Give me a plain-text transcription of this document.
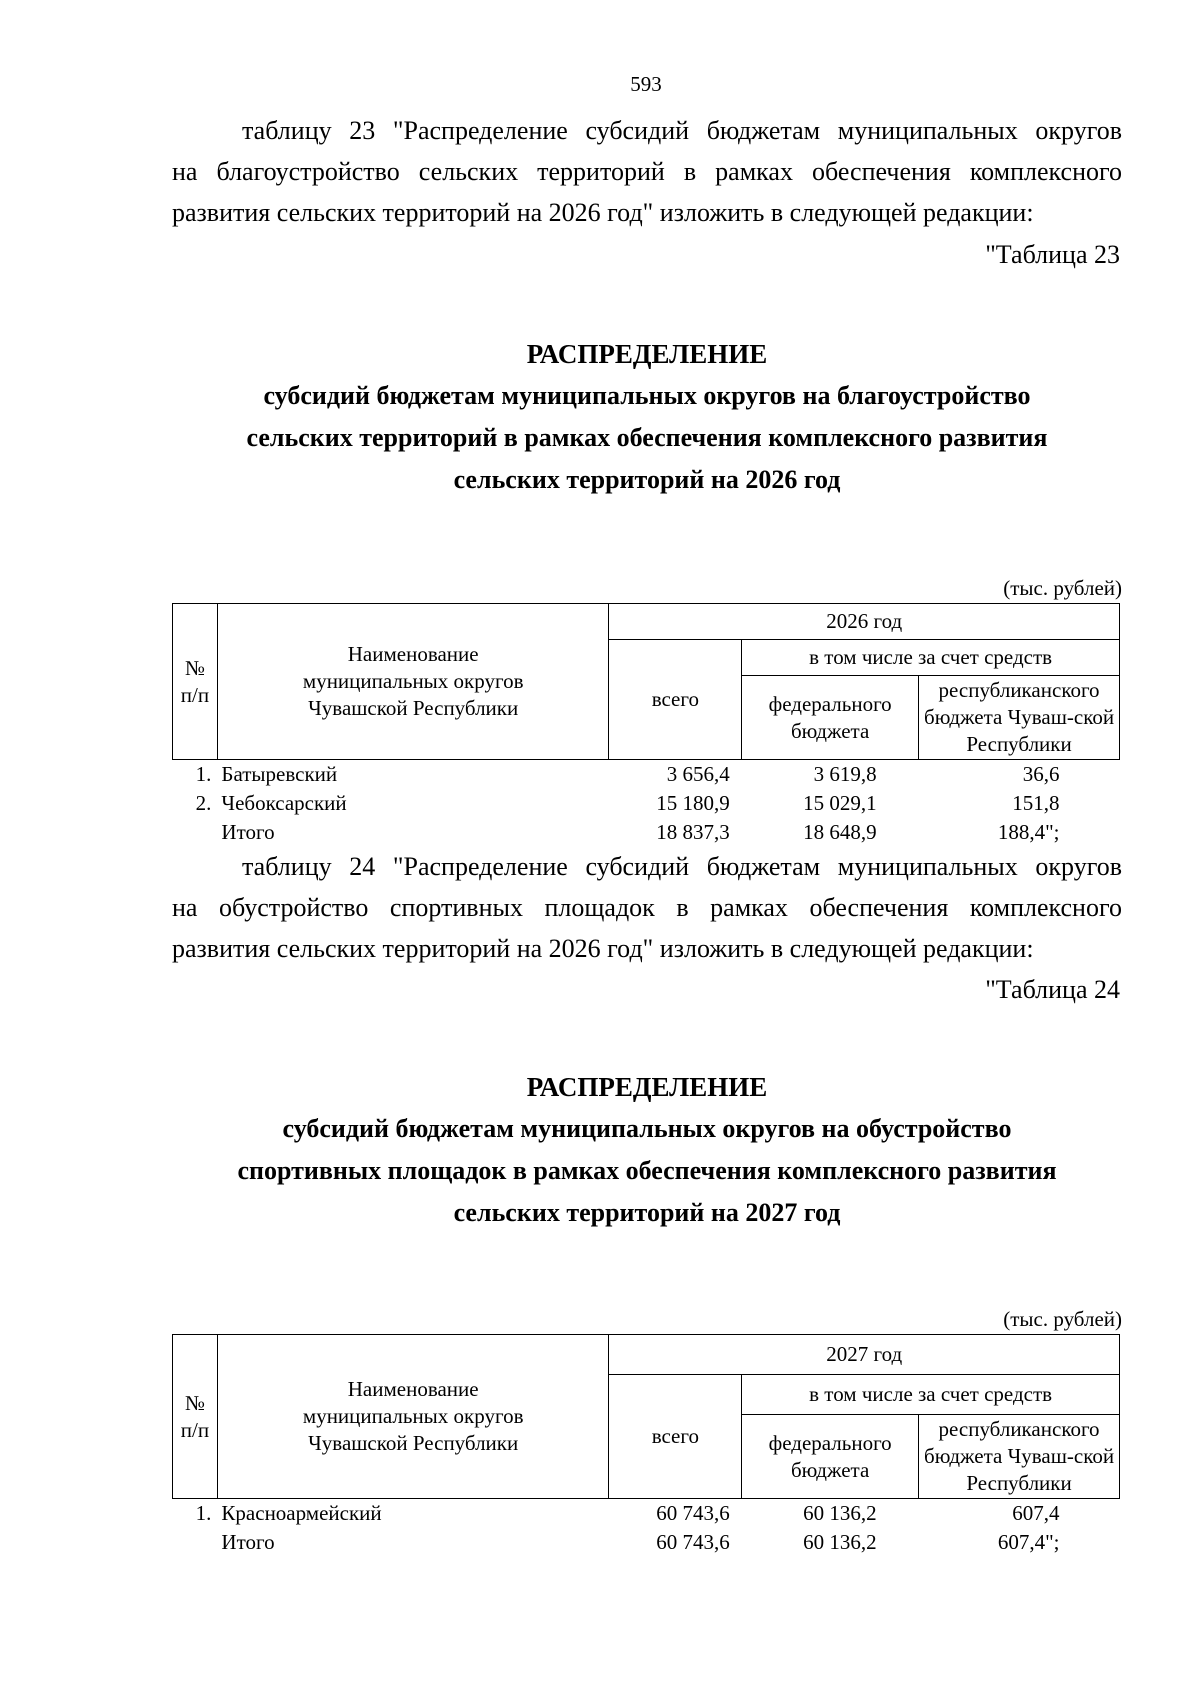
593
таблицу 23 "Распределение субсидий бюджетам муниципальных округов
на благоустройство сельских территорий в рамках обеспечения комплексного
развития сельских территорий на 2026 год" изложить в следующей редакции:
"Таблица 23
РАСПРЕДЕЛЕНИЕ
субсидий бюджетам муниципальных округов на благоустройство
сельских территорий в рамках обеспечения комплексного развития
сельских территорий на 2026 год
(тыс. рублей)
№ п/п	Наименование муниципальных округов Чувашской Республики	2026 год		
		всего	в том числе за счет средств	
			федерального бюджета	республиканского бюджета Чуваш-ской Республики
1.	Батыревский	3 656,4	3 619,8	36,6
2.	Чебоксарский	15 180,9	15 029,1	151,8
	Итого	18 837,3	18 648,9	188,4";
таблицу 24 "Распределение субсидий бюджетам муниципальных округов
на обустройство спортивных площадок в рамках обеспечения комплексного
развития сельских территорий на 2026 год" изложить в следующей редакции:
"Таблица 24
РАСПРЕДЕЛЕНИЕ
субсидий бюджетам муниципальных округов на обустройство
спортивных площадок в рамках обеспечения комплексного развития
сельских территорий на 2027 год
(тыс. рублей)
№ п/п	Наименование муниципальных округов Чувашской Республики	2027 год		
		всего	в том числе за счет средств	
			федерального бюджета	республиканского бюджета Чуваш-ской Республики
1.	Красноармейский	60 743,6	60 136,2	607,4
	Итого	60 743,6	60 136,2	607,4";
